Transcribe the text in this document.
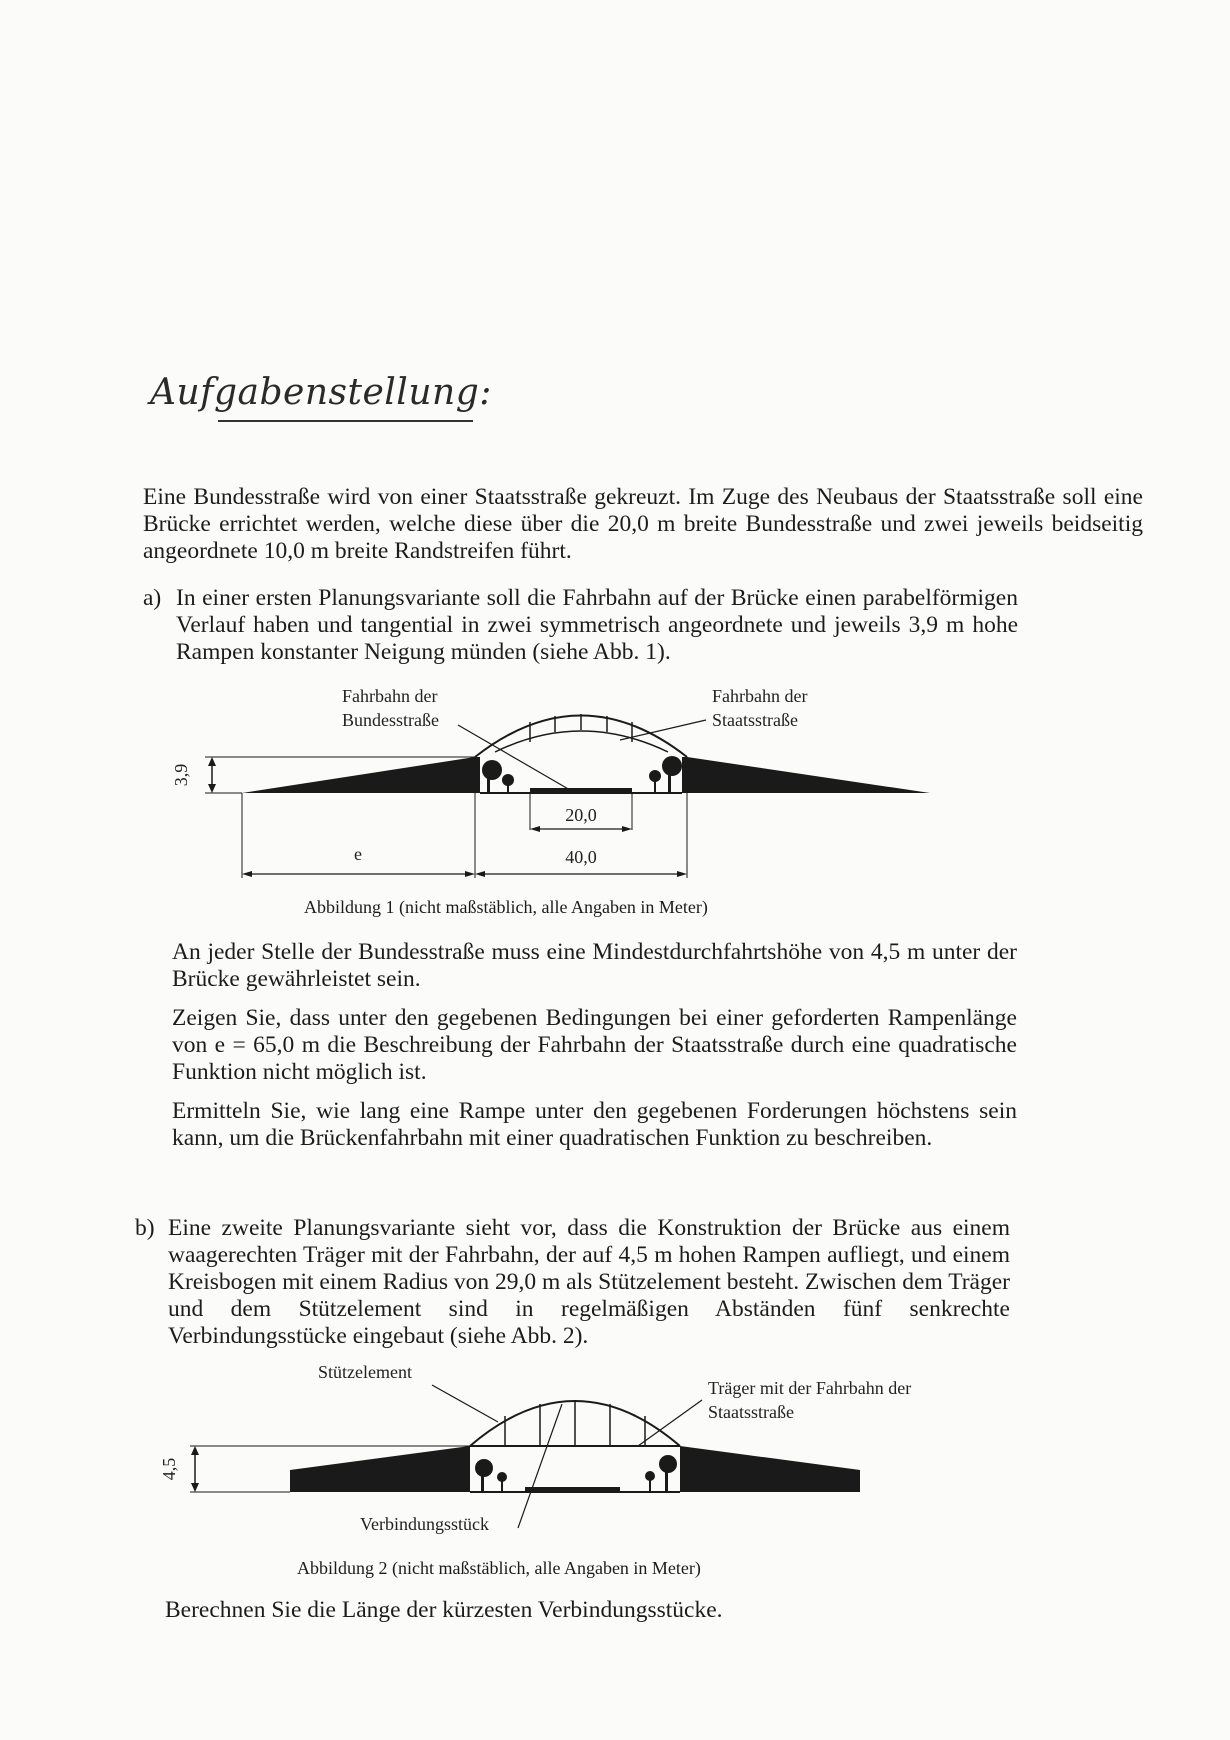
Aufgabenstellung:

Eine Bundesstraße wird von einer Staatsstraße gekreuzt. Im Zuge des Neubaus der Staatsstraße soll eine Brücke errichtet werden, welche diese über die 20,0 m breite Bundesstraße und zwei jeweils beidseitig angeordnete 10,0 m breite Randstreifen führt.

a) In einer ersten Planungsvariante soll die Fahrbahn auf der Brücke einen parabelförmigen Verlauf haben und tangential in zwei symmetrisch angeordnete und jeweils 3,9 m hohe Rampen konstanter Neigung münden (siehe Abb. 1).

Fahrbahn der
Bundesstraße
Fahrbahn der
Staatsstraße
3,9
20,0
e	40,0
Abbildung 1 (nicht maßstäblich, alle Angaben in Meter)

An jeder Stelle der Bundesstraße muss eine Mindestdurchfahrtshöhe von 4,5 m unter der Brücke gewährleistet sein.

Zeigen Sie, dass unter den gegebenen Bedingungen bei einer geforderten Rampenlänge von e = 65,0 m die Beschreibung der Fahrbahn der Staatsstraße durch eine quadratische Funktion nicht möglich ist.

Ermitteln Sie, wie lang eine Rampe unter den gegebenen Forderungen höchstens sein kann, um die Brückenfahrbahn mit einer quadratischen Funktion zu beschreiben.

b) Eine zweite Planungsvariante sieht vor, dass die Konstruktion der Brücke aus einem waagerechten Träger mit der Fahrbahn, der auf 4,5 m hohen Rampen aufliegt, und einem Kreisbogen mit einem Radius von 29,0 m als Stützelement besteht. Zwischen dem Träger und dem Stützelement sind in regelmäßigen Abständen fünf senkrechte Verbindungsstücke eingebaut (siehe Abb. 2).

Stützelement
Träger mit der Fahrbahn der
Staatsstraße
Verbindungsstück
4,5
Abbildung 2 (nicht maßstäblich, alle Angaben in Meter)

Berechnen Sie die Länge der kürzesten Verbindungsstücke.
